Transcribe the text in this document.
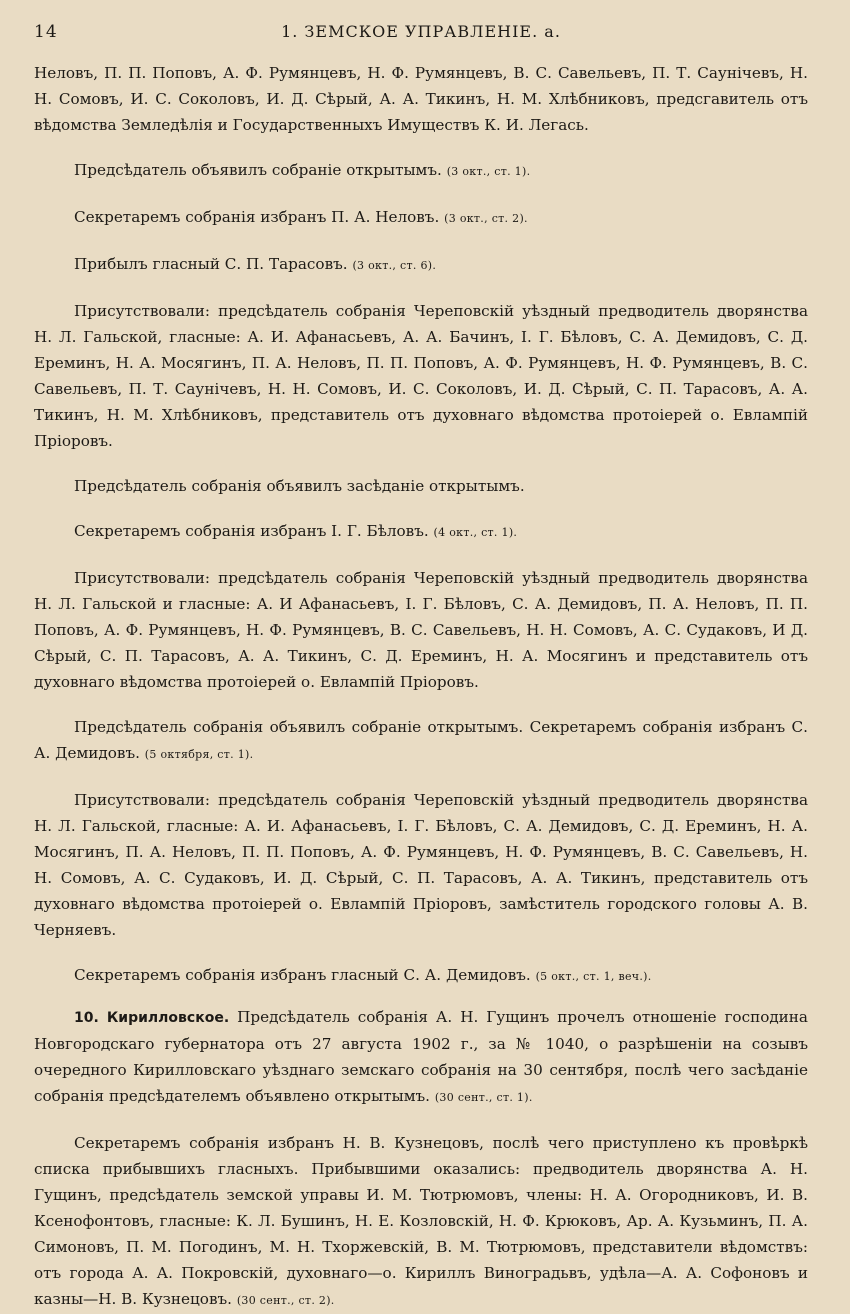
14	1. ЗЕМСКОЕ УПРАВЛЕНIЕ. а.

Нелoвъ, П. П. Поповъ, А. Ф. Румянцевъ, Н. Ф. Румянцевъ, В. С. Савельевъ, П. Т. Саунічевъ, Н. Н. Сомовъ, И. С. Соколовъ, И. Д. Сѣрый, А. А. Тикинъ, Н. М. Хлѣбниковъ, предсгавитель отъ вѣдомства Земледѣлія и Государственныхъ Имуществъ К. И. Легась.

Предсѣдатель объявилъ собраніе открытымъ. (3 окт., ст. 1).

Секретаремъ собранія избранъ П. А. Нелoвъ. (3 окт., ст. 2).

Прибылъ гласный С. П. Тарасовъ. (3 окт., ст. 6).

Присутствовали: предсѣдатель собранія Череповскій уѣздный предводитель дворянства Н. Л. Гальской, гласные: А. И. Афанасьевъ, А. А. Бачинъ, І. Г. Бѣловъ, С. А. Демидовъ, С. Д. Ереминъ, Н. А. Мосягинъ, П. А. Нелoвъ, П. П. Поповъ, А. Ф. Румянцевъ, Н. Ф. Румянцевъ, В. С. Савельевъ, П. Т. Саунічевъ, Н. Н. Сомовъ, И. С. Соколовъ, И. Д. Сѣрый, С. П. Тарасовъ, А. А. Тикинъ, Н. М. Хлѣбниковъ, представитель отъ духовнаго вѣдомства протоіерей о. Евлампій Пріоровъ.

Предсѣдатель собранія объявилъ засѣданіе открытымъ.

Секретаремъ собранія избранъ І. Г. Бѣловъ. (4 окт., ст. 1).

Присутствовали: предсѣдатель собранія Череповскій уѣздный предводитель дворянства Н. Л. Гальской и гласные: А. И Афанасьевъ, І. Г. Бѣловъ, С. А. Демидовъ, П. А. Нелoвъ, П. П. Поповъ, А. Ф. Румянцевъ, Н. Ф. Румянцевъ, В. С. Савельевъ, Н. Н. Сомовъ, А. С. Судаковъ, И Д. Сѣрый, С. П. Тарасовъ, А. А. Тикинъ, С. Д. Ереминъ, Н. А. Мосягинъ и представитель отъ духовнаго вѣдомства протоіерей о. Евлампій Пріоровъ.

Предсѣдатель собранія объявилъ собраніе открытымъ. Секретаремъ собранія избранъ С. А. Демидовъ. (5 октября, ст. 1).

Присутствовали: предсѣдатель собранія Череповскій уѣздный предводитель дворянства Н. Л. Гальской, гласные: А. И. Афанасьевъ, І. Г. Бѣловъ, С. А. Демидовъ, С. Д. Ереминъ, Н. А. Мосягинъ, П. А. Нелoвъ, П. П. Поповъ, А. Ф. Румянцевъ, Н. Ф. Румянцевъ, В. С. Савельевъ, Н. Н. Сомовъ, А. С. Судаковъ, И. Д. Сѣрый, С. П. Тарасовъ, А. А. Тикинъ, представитель отъ духовнаго вѣдомства протоіерей о. Евлампій Пріоровъ, замѣститель городского головы А. В. Черняевъ.

Секретаремъ собранія избранъ гласный С. А. Демидовъ. (5 окт., ст. 1, веч.).

10. Кирилловское. Предсѣдатель собранія А. Н. Гущинъ прочелъ отношеніе господина Новгородскаго губернатора отъ 27 августа 1902 г., за № 1040, о разрѣшеніи на созывъ очередного Кирилловскаго уѣзднаго земскаго собранія на 30 сентября, послѣ чего засѣданіе собранія предсѣдателемъ объявлено открытымъ. (30 сент., ст. 1).

Секретаремъ собранія избранъ Н. В. Кузнецовъ, послѣ чего приступлено къ провѣркѣ списка прибывшихъ гласныхъ. Прибывшими оказались: предводитель дворянства А. Н. Гущинъ, предсѣдатель земской управы И. М. Тютрюмовъ, члены: Н. А. Огородниковъ, И. В. Ксенофонтовъ, гласные: К. Л. Бушинъ, Н. Е. Козловскій, Н. Ф. Крюковъ, Ар. А. Кузьминъ, П. А. Симоновъ, П. М. Погодинъ, М. Н. Тхоржевскій, В. М. Тютрюмовъ, представители вѣдомствъ: отъ города А. А. Покровскій, духовнаго—о. Кириллъ Виноградьвъ, удѣла—А. А. Софоновъ и казны—Н. В. Кузнецовъ. (30 сент., ст. 2).
